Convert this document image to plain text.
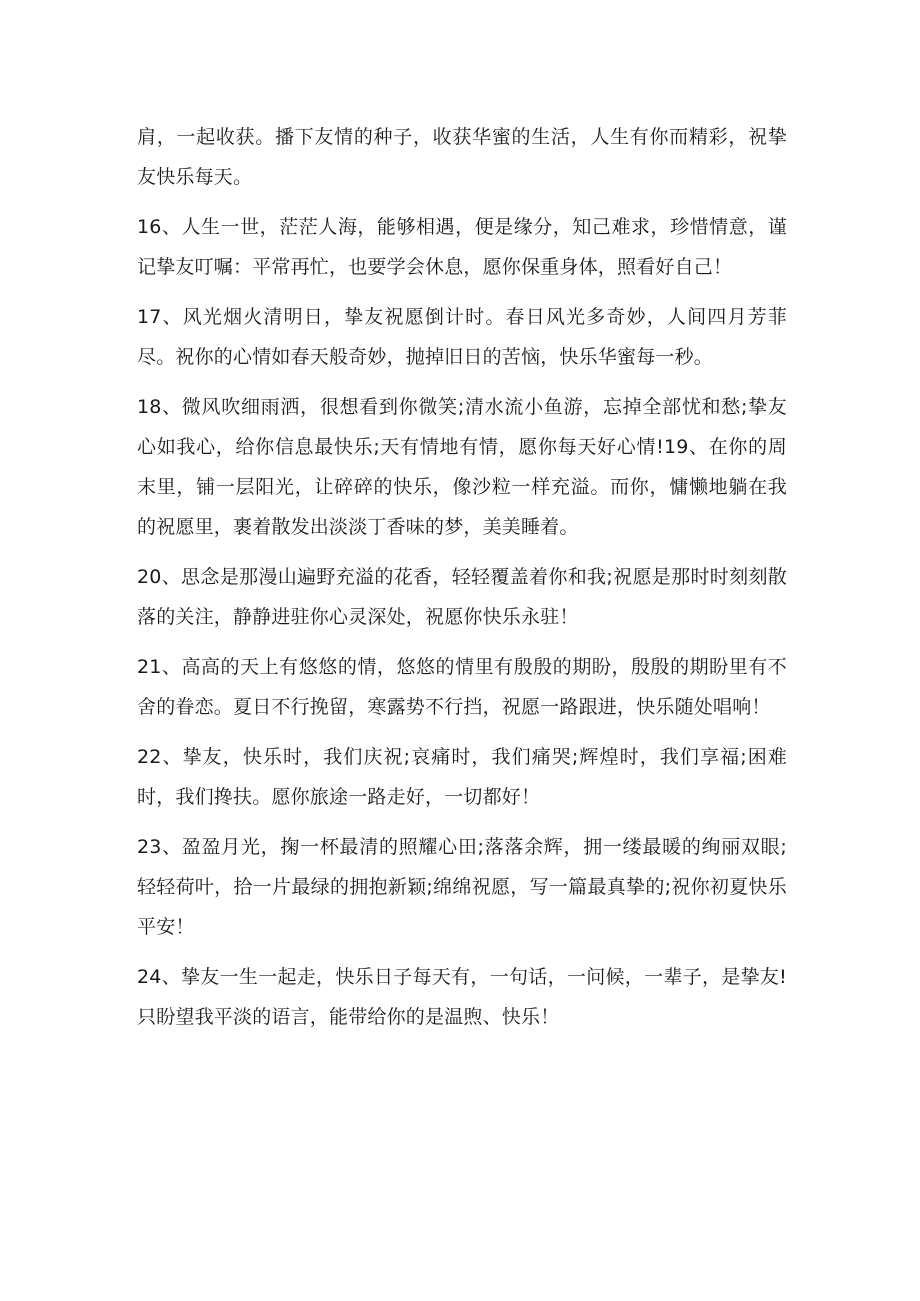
肩，一起收获。播下友情的种子，收获华蜜的生活，人生有你而精彩，祝挚友快乐每天。

16、人生一世，茫茫人海，能够相遇，便是缘分，知己难求，珍惜情意，谨记挚友叮嘱：平常再忙，也要学会休息，愿你保重身体，照看好自己！

17、风光烟火清明日，挚友祝愿倒计时。春日风光多奇妙，人间四月芳菲尽。祝你的心情如春天般奇妙，抛掉旧日的苦恼，快乐华蜜每一秒。

18、微风吹细雨洒，很想看到你微笑;清水流小鱼游，忘掉全部忧和愁;挚友心如我心，给你信息最快乐;天有情地有情，愿你每天好心情!19、在你的周末里，铺一层阳光，让碎碎的快乐，像沙粒一样充溢。而你，慵懒地躺在我的祝愿里，裹着散发出淡淡丁香味的梦，美美睡着。

20、思念是那漫山遍野充溢的花香，轻轻覆盖着你和我;祝愿是那时时刻刻散落的关注，静静进驻你心灵深处，祝愿你快乐永驻！

21、高高的天上有悠悠的情，悠悠的情里有殷殷的期盼，殷殷的期盼里有不舍的眷恋。夏日不行挽留，寒露势不行挡，祝愿一路跟进，快乐随处唱响！

22、挚友，快乐时，我们庆祝;哀痛时，我们痛哭;辉煌时，我们享福;困难时，我们搀扶。愿你旅途一路走好，一切都好！

23、盈盈月光，掬一杯最清的照耀心田;落落余辉，拥一缕最暖的绚丽双眼;轻轻荷叶，拾一片最绿的拥抱新颖;绵绵祝愿，写一篇最真挚的;祝你初夏快乐平安！

24、挚友一生一起走，快乐日子每天有，一句话，一问候，一辈子，是挚友!只盼望我平淡的语言，能带给你的是温煦、快乐！
